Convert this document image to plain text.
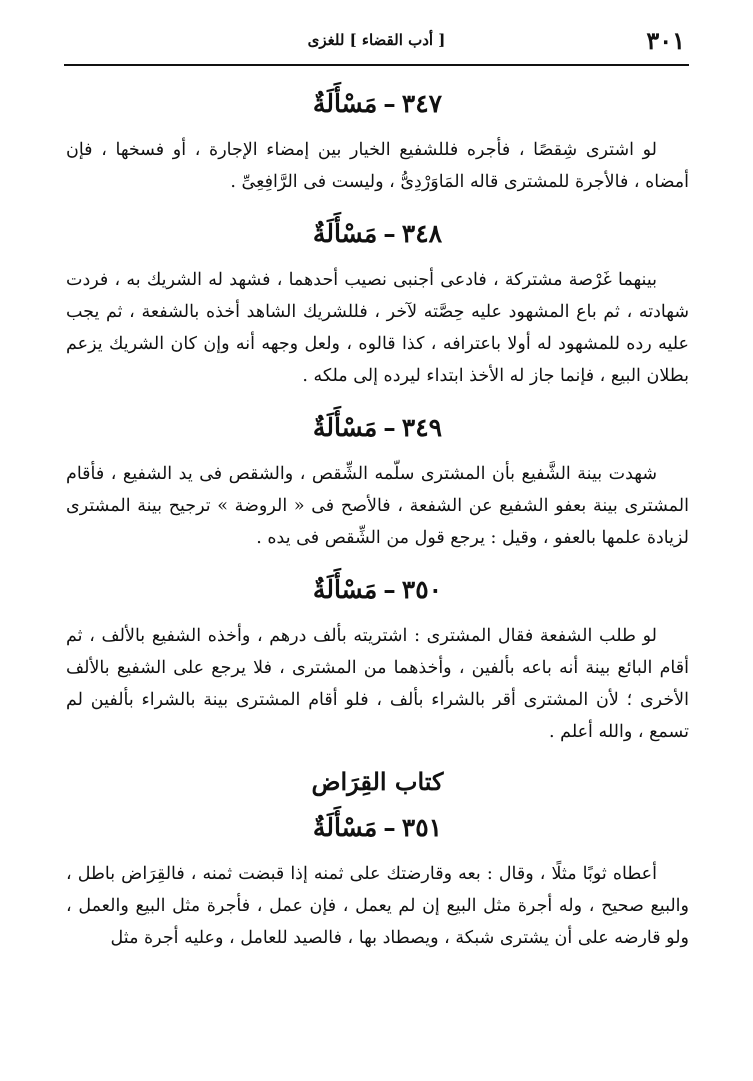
٣٠١
[ أدب القضاء ] للغزى
٣٤٧–مَسْأَلَةٌ

لو اشترى شِقصًا ، فأجره فللشفيع الخيار بين إمضاء الإجارة ، أو فسخها ، فإن أمضاه ، فالأجرة للمشترى قاله المَاوَرْدِىُّ ، وليست فى الرَّافِعِىِّ .

٣٤٨–مَسْأَلَةٌ

بينهما غَرْصة مشتركة ، فادعى أجنبى نصيب أحدهما ، فشهد له الشريك به ، فردت شهادته ، ثم باع المشهود عليه حِصَّته لآخر ، فللشريك الشاهد أخذه بالشفعة ، ثم يجب عليه رده للمشهود له أولا باعترافه ، كذا قالوه ، ولعل وجهه أنه وإن كان الشريك يزعم بطلان البيع ، فإنما جاز له الأخذ ابتداء ليرده إلى ملكه .

٣٤٩–مَسْأَلَةٌ

شهدت بينة الشَّفيع بأن المشترى سلّمه الشِّقص ، والشقص فى يد الشفيع ، فأقام المشترى بينة بعفو الشفيع عن الشفعة ، فالأصح فى « الروضة » ترجيح بينة المشترى لزيادة علمها بالعفو ، وقيل : يرجع قول من الشِّقص فى يده .

٣٥٠–مَسْأَلَةٌ

لو طلب الشفعة فقال المشترى : اشتريته بألف درهم ، وأخذه الشفيع بالألف ، ثم أقام البائع بينة أنه باعه بألفين ، وأخذهما من المشترى ، فلا يرجع على الشفيع بالألف الأخرى ؛ لأن المشترى أقر بالشراء بألف ، فلو أقام المشترى بينة بالشراء بألفين لم تسمع ، والله أعلم .

كتاب القِرَاض
٣٥١–مَسْأَلَةٌ

أعطاه ثوبًا مثلًا ، وقال : بعه وقارضتك على ثمنه إذا قبضت ثمنه ، فالقِرَاض باطل ، والبيع صحيح ، وله أجرة مثل البيع إن لم يعمل ، فإن عمل ، فأجرة مثل البيع والعمل ، ولو قارضه على أن يشترى شبكة ، ويصطاد بها ، فالصيد للعامل ، وعليه أجرة مثل
